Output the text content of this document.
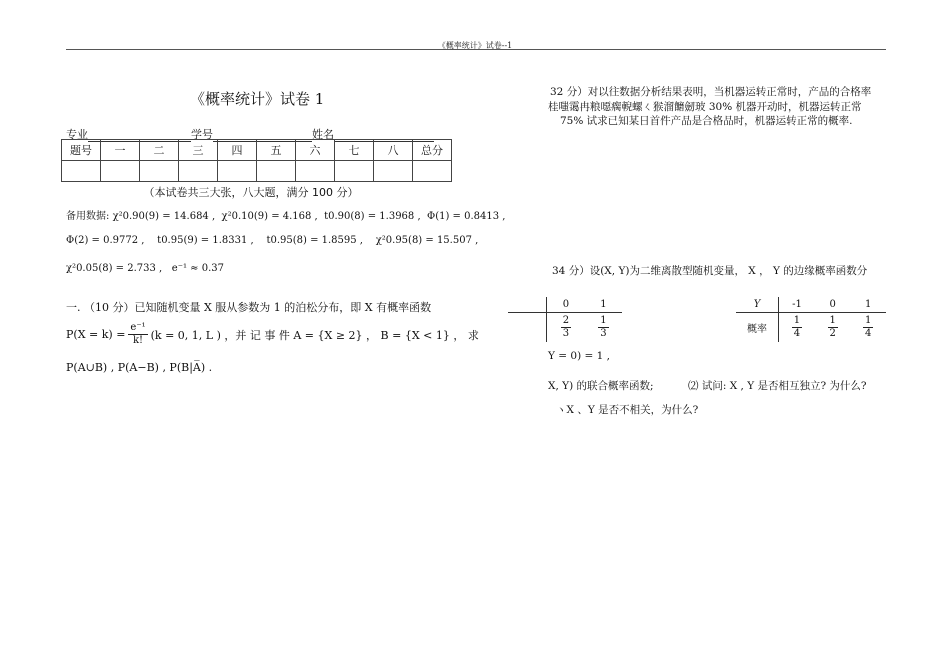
《概率统计》试卷--1
《概率统计》试卷 1
专业	学号	姓名
题号	一	二	三	四	五	六	七	八	总分

（本试卷共三大张，八大题，满分 100 分）
备用数据: χ²0.90(9) = 14.684 , χ²0.10(9) = 4.168 , t0.90(8) = 1.3968 , Φ(1) = 0.8413 ,
Φ(2) = 0.9772 , t0.95(9) = 1.8331 , t0.95(8) = 1.8595 , χ²0.95(8) = 15.507 ,
χ²0.05(8) = 2.733 , e⁻¹ ≈ 0.37
一. （10 分）已知随机变量 X 服从参数为 1 的泊松分布，即 X 有概率函数
$P(X = k) = \frac{\text{e⁻¹}}{k!} (k = 0$, 1, L ) ，并 记 事 件 A = {X ≥ 2} ， B = {X < 1} ， 求
P(A∪B) , P(A−B) , P(B|A̅) .
32 分）对以往数据分析结果表明，当机器运转正常时，产品的合格率
桂嗤霭冉粮噁瘸輗螺ㄑ猴溜饝劒玻 30% 机器开动时，机器运转正常
75% 试求已知某日首件产品是合格品时，机器运转正常的概率.
34 分）设(X, Y)为二维离散型随机变量， X ， Y 的边缘概率函数分
	0	1

	$\frac{2}{3}$	$\frac{1}{3}$
Y	-1	0	1
概率	$\frac{1}{4}$	$\frac{1}{2}$	$\frac{1}{4}$
Y = 0) = 1 ,
X, Y) 的联合概率函数;	⑵ 试问: X , Y 是否相互独立? 为什么?
ヽX 、Y 是否不相关，为什么?
